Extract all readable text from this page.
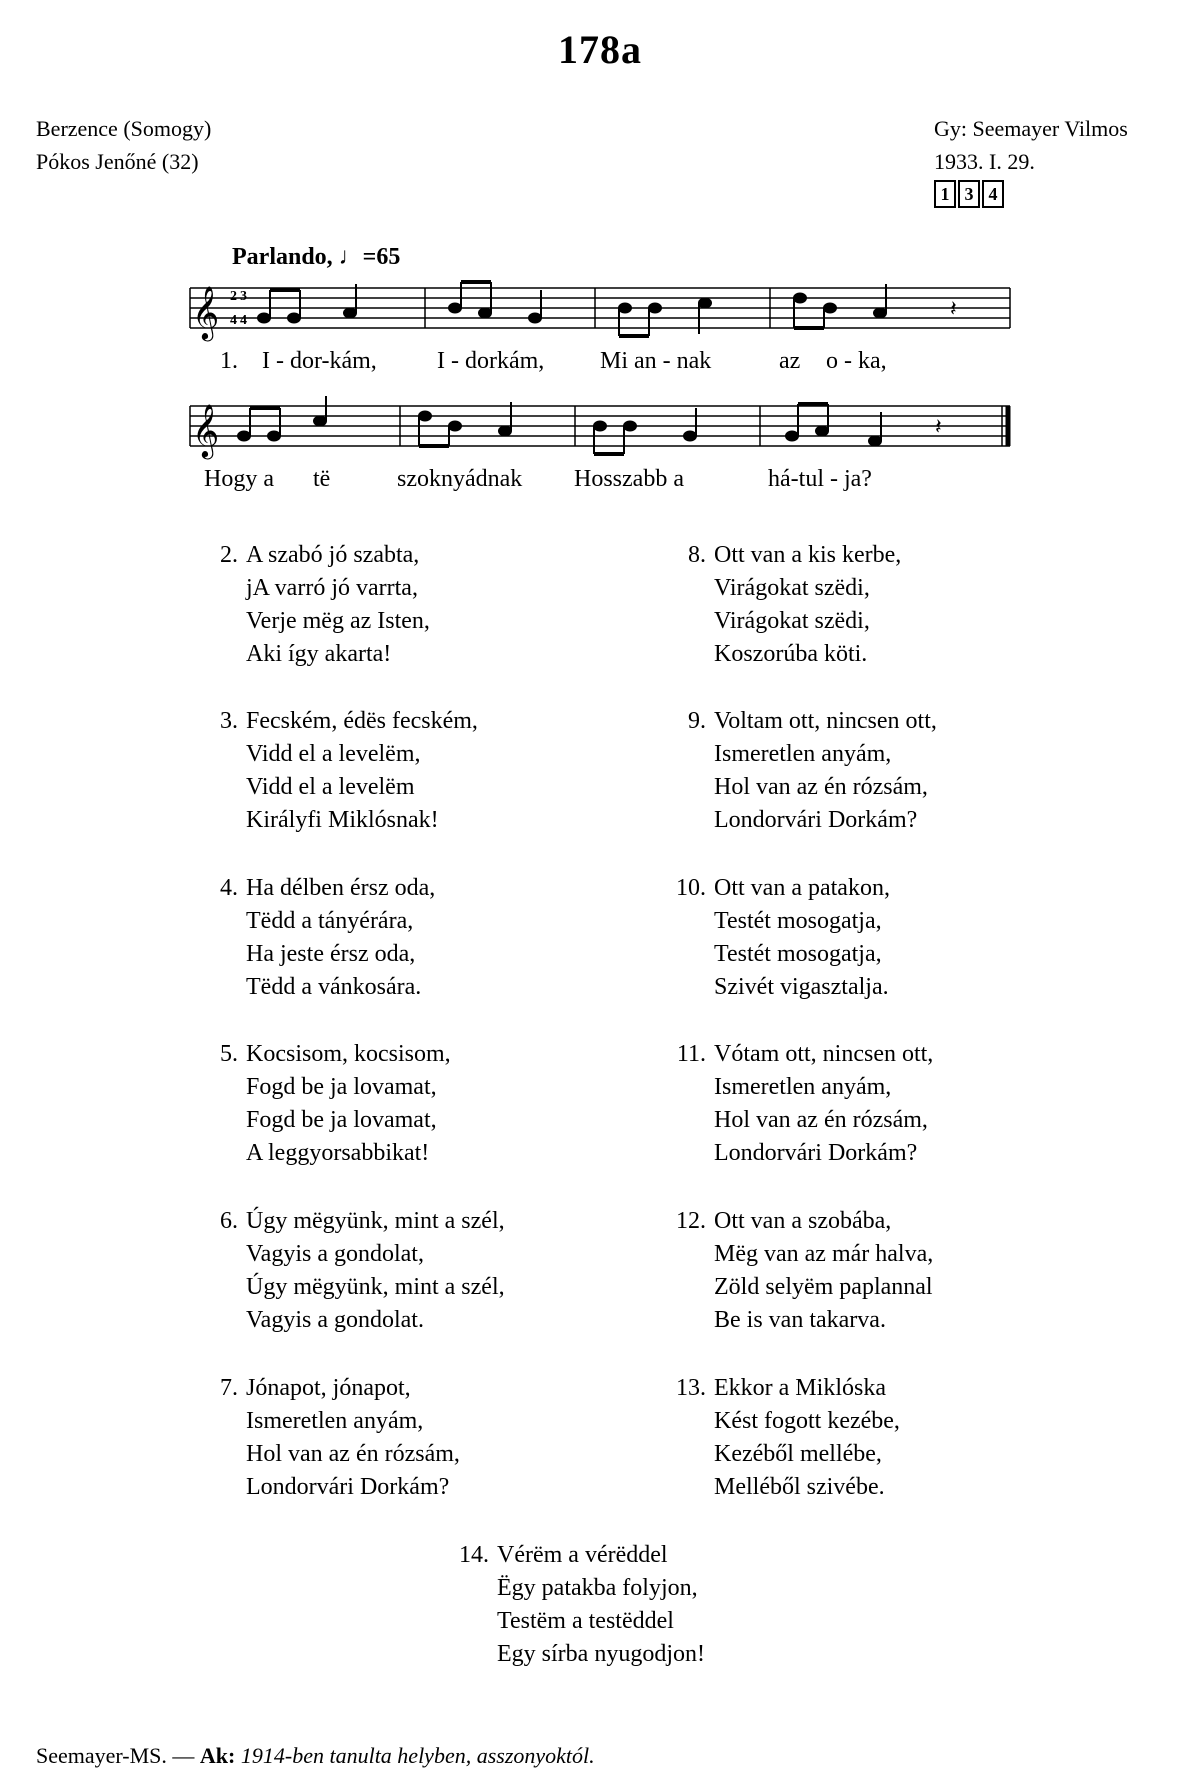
178a
Berzence (Somogy)
Pókos Jenőné (32)
Gy: Seemayer Vilmos
1933. I. 29.
1 3 4
Parlando, ♩=65
𝄞 2
4
3
4	𝄽
1. I - dor-kám,	I - dorkám, Mi an - nak	az o - ka,
𝄞	𝄽
Hogy a të	szoknyádnak Hosszabb a	há-tul - ja?
2. A szabó jó szabta,
jA varró jó varrta,
Verje mëg az Isten,
Aki így akarta!
3. Fecském, édës fecském,
Vidd el a levelëm,
Vidd el a levelëm
Királyfi Miklósnak!
4. Ha délben érsz oda,
Tëdd a tányérára,
Ha jeste érsz oda,
Tëdd a vánkosára.
5. Kocsisom, kocsisom,
Fogd be ja lovamat,
Fogd be ja lovamat,
A leggyorsabbikat!
6. Úgy mëgyünk, mint a szél,
Vagyis a gondolat,
Úgy mëgyünk, mint a szél,
Vagyis a gondolat.
7. Jónapot, jónapot,
Ismeretlen anyám,
Hol van az én rózsám,
Londorvári Dorkám?
8. Ott van a kis kerbe,
Virágokat szëdi,
Virágokat szëdi,
Koszorúba köti.
9. Voltam ott, nincsen ott,
Ismeretlen anyám,
Hol van az én rózsám,
Londorvári Dorkám?
10. Ott van a patakon,
Testét mosogatja,
Testét mosogatja,
Szivét vigasztalja.
11. Vótam ott, nincsen ott,
Ismeretlen anyám,
Hol van az én rózsám,
Londorvári Dorkám?
12. Ott van a szobába,
Mëg van az már halva,
Zöld selyëm paplannal
Be is van takarva.
13. Ekkor a Miklóska
Kést fogott kezébe,
Kezéből mellébe,
Melléből szivébe.
14. Vérëm a vérëddel
Ëgy patakba folyjon,
Testëm a testëddel
Egy sírba nyugodjon!
Seemayer-MS. — Ak: 1914-ben tanulta helyben, asszonyoktól.
